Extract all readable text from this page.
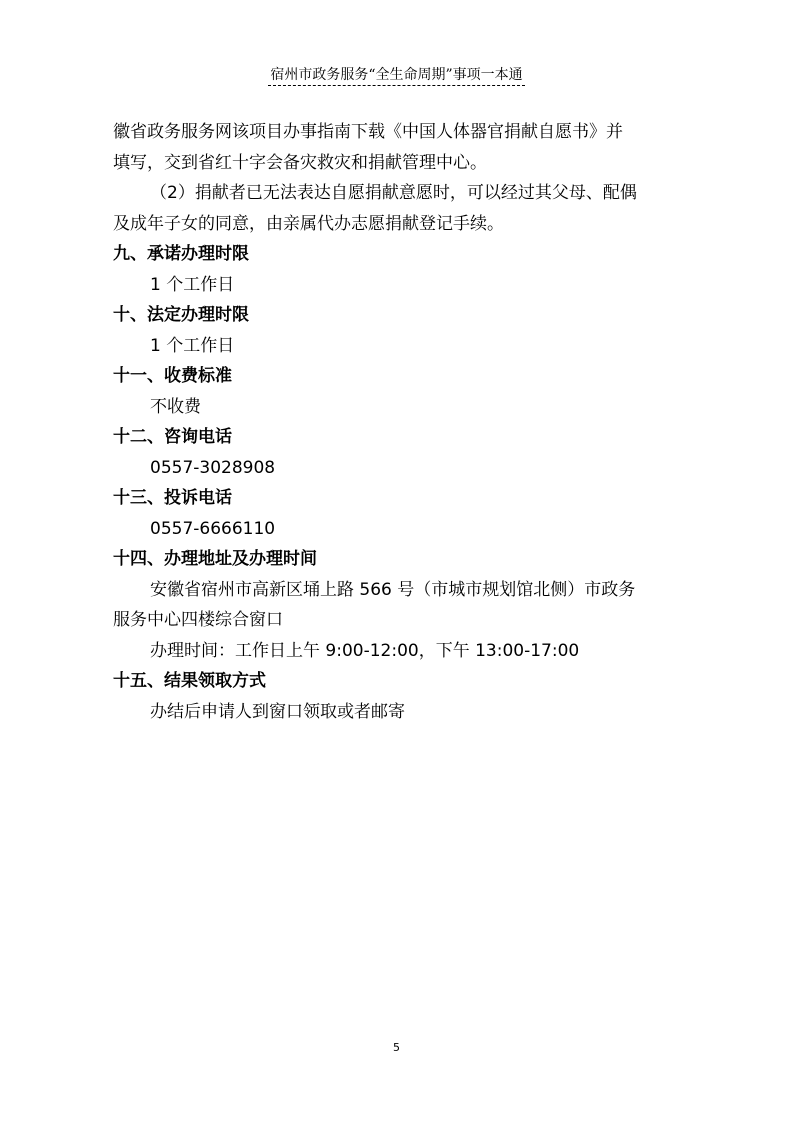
宿州市政务服务“全生命周期”事项一本通
徽省政务服务网该项目办事指南下载《中国人体器官捐献自愿书》并
填写，交到省红十字会备灾救灾和捐献管理中心。
（2）捐献者已无法表达自愿捐献意愿时，可以经过其父母、配偶
及成年子女的同意，由亲属代办志愿捐献登记手续。
九、承诺办理时限
1 个工作日
十、法定办理时限
1 个工作日
十一、收费标准
不收费
十二、咨询电话
0557-3028908
十三、投诉电话
0557-6666110
十四、办理地址及办理时间
安徽省宿州市高新区埇上路 566 号（市城市规划馆北侧）市政务
服务中心四楼综合窗口
办理时间：工作日上午 9:00-12:00，下午 13:00-17:00
十五、结果领取方式
办结后申请人到窗口领取或者邮寄
5
